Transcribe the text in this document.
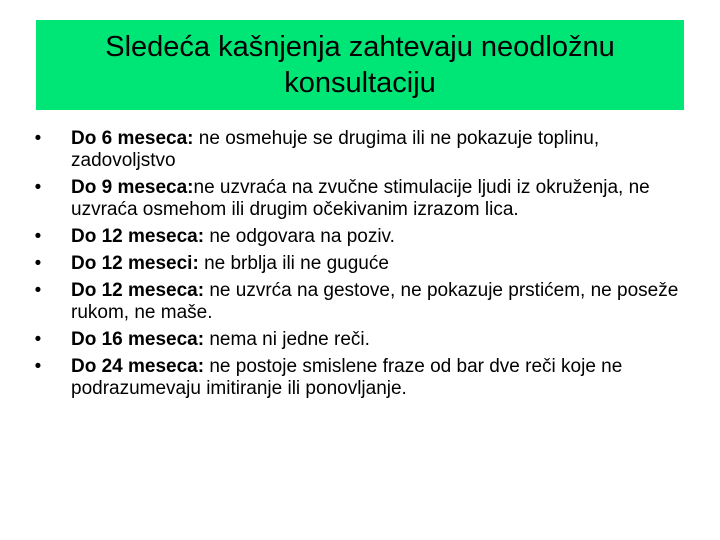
Sledeća kašnjenja zahtevaju neodložnu konsultaciju
•	Do 6 meseca: ne osmehuje se drugima ili ne pokazuje toplinu, zadovoljstvo
•	Do 9 meseca:ne uzvraća na zvučne stimulacije ljudi iz okruženja, ne uzvraća osmehom ili drugim očekivanim izrazom lica.
•	Do 12 meseca: ne odgovara na poziv.
•	Do 12 meseci: ne brblja ili ne guguće
•	Do 12 meseca: ne uzvrća na gestove, ne pokazuje prstićem, ne poseže rukom, ne maše.
•	Do 16 meseca: nema ni jedne reči.
•	Do 24 meseca: ne postoje smislene fraze od bar dve reči koje ne podrazumevaju imitiranje ili ponovljanje.
